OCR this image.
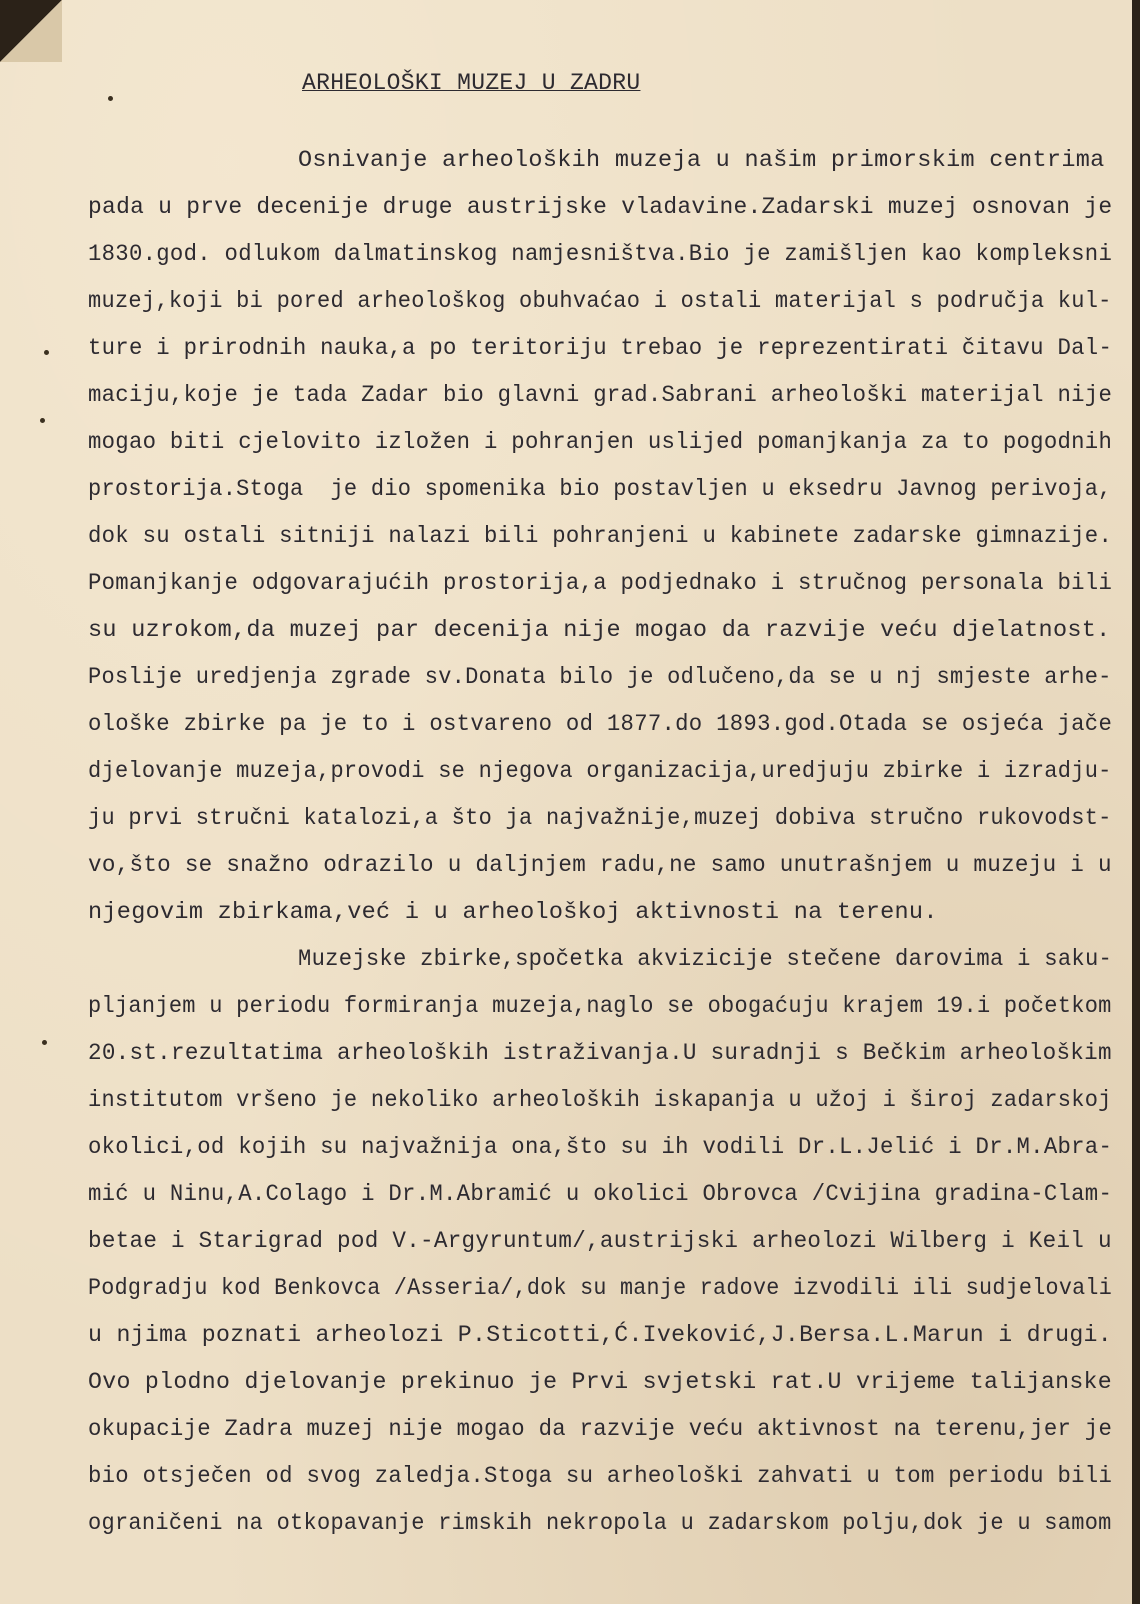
ARHEOLOŠKI MUZEJ U ZADRU
Osnivanje arheoloških muzeja u našim primorskim centrima
pada u prve decenije druge austrijske vladavine.Zadarski muzej osnovan je
1830.god. odlukom dalmatinskog namjesništva.Bio je zamišljen kao kompleksni
muzej,koji bi pored arheološkog obuhvaćao i ostali materijal s područja kul-
ture i prirodnih nauka,a po teritoriju trebao je reprezentirati čitavu Dal-
maciju,koje je tada Zadar bio glavni grad.Sabrani arheološki materijal nije
mogao biti cjelovito izložen i pohranjen uslijed pomanjkanja za to pogodnih
prostorija.Stoga  je dio spomenika bio postavljen u eksedru Javnog perivoja,
dok su ostali sitniji nalazi bili pohranjeni u kabinete zadarske gimnazije.
Pomanjkanje odgovarajućih prostorija,a podjednako i stručnog personala bili
su uzrokom,da muzej par decenija nije mogao da razvije veću djelatnost.
Poslije uredjenja zgrade sv.Donata bilo je odlučeno,da se u nj smjeste arhe-
ološke zbirke pa je to i ostvareno od 1877.do 1893.god.Otada se osjeća jače
djelovanje muzeja,provodi se njegova organizacija,uredjuju zbirke i izradju-
ju prvi stručni katalozi,a što ja najvažnije,muzej dobiva stručno rukovodst-
vo,što se snažno odrazilo u daljnjem radu,ne samo unutrašnjem u muzeju i u
njegovim zbirkama,već i u arheološkoj aktivnosti na terenu.
Muzejske zbirke,spočetka akvizicije stečene darovima i saku-
pljanjem u periodu formiranja muzeja,naglo se obogaćuju krajem 19.i početkom
20.st.rezultatima arheoloških istraživanja.U suradnji s Bečkim arheološkim
institutom vršeno je nekoliko arheoloških iskapanja u užoj i široj zadarskoj
okolici,od kojih su najvažnija ona,što su ih vodili Dr.L.Jelić i Dr.M.Abra-
mić u Ninu,A.Colago i Dr.M.Abramić u okolici Obrovca /Cvijina gradina-Clam-
betae i Starigrad pod V.-Argyruntum/,austrijski arheolozi Wilberg i Keil u
Podgradju kod Benkovca /Asseria/,dok su manje radove izvodili ili sudjelovali
u njima poznati arheolozi P.Sticotti,Ć.Iveković,J.Bersa.L.Marun i drugi.
Ovo plodno djelovanje prekinuo je Prvi svjetski rat.U vrijeme talijanske
okupacije Zadra muzej nije mogao da razvije veću aktivnost na terenu,jer je
bio otsječen od svog zaledja.Stoga su arheološki zahvati u tom periodu bili
ograničeni na otkopavanje rimskih nekropola u zadarskom polju,dok je u samom
